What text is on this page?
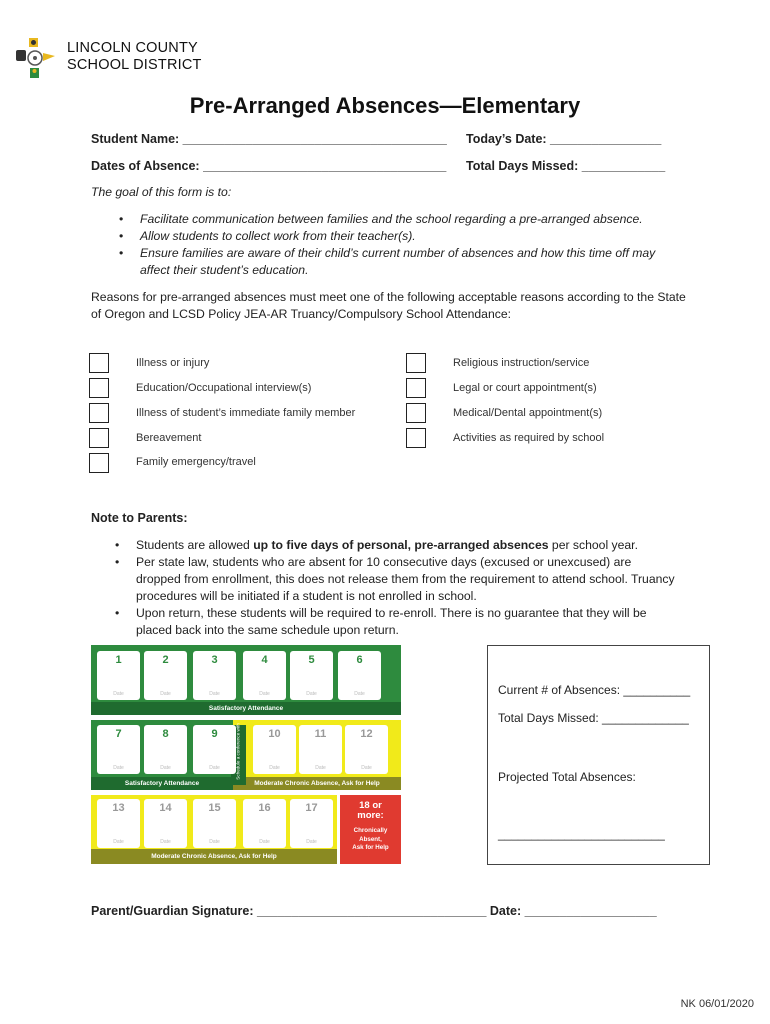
LINCOLN COUNTY
SCHOOL DISTRICT
Pre-Arranged Absences—Elementary
Student Name: ______________________________________ Today’s Date: ________________
Dates of Absence: ___________________________________ Total Days Missed: ____________
The goal of this form is to:
• Facilitate communication between families and the school regarding a pre-arranged absence.
• Allow students to collect work from their teacher(s).
• Ensure families are aware of their child’s current number of absences and how this time off may affect their student’s education.
Reasons for pre-arranged absences must meet one of the following acceptable reasons according to the State of Oregon and LCSD Policy JEA-AR Truancy/Compulsory School Attendance:
Illness or injury
Education/Occupational interview(s)
Illness of student’s immediate family member
Bereavement
Family emergency/travel
Religious instruction/service
Legal or court appointment(s)
Medical/Dental appointment(s)
Activities as required by school
Note to Parents:
• Students are allowed up to five days of personal, pre-arranged absences per school year.
• Per state law, students who are absent for 10 consecutive days (excused or unexcused) are dropped from enrollment, this does not release them from the requirement to attend school. Truancy procedures will be initiated if a student is not enrolled in school.
• Upon return, these students will be required to re-enroll. There is no guarantee that they will be placed back into the same schedule upon return.
Satisfactory Attendance
Satisfactory Attendance	Moderate Chronic Absence, Ask for Help
Schedule a conference with
Moderate Chronic Absence, Ask for Help
18 or
more:
Chronically
Absent,
Ask for Help
1
Date
2
Date
3
Date
4
Date
5
Date
6
Date
7
Date
8
Date
9
Date
10
Date
11
Date
12
Date
13
Date
14
Date
15
Date
16
Date
17
Date
Current # of Absences: __________
Total Days Missed: _____________
Projected Total Absences:
_________________________
Parent/Guardian Signature: _________________________________ Date: ___________________
NK 06/01/2020
